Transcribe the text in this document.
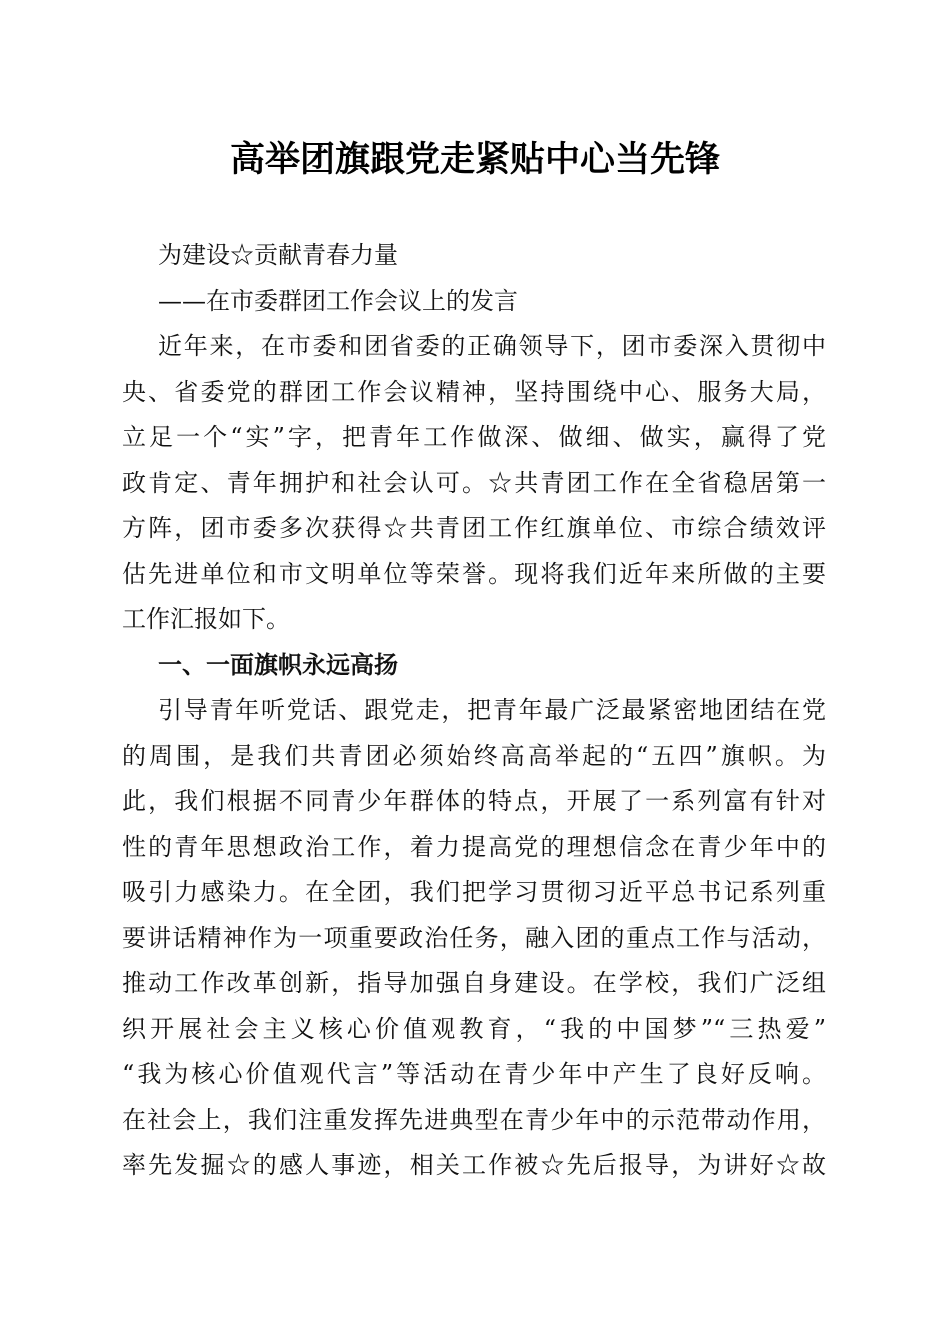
高举团旗跟党走紧贴中心当先锋
为建设☆贡献青春力量
——在市委群团工作会议上的发言
近年来，在市委和团省委的正确领导下，团市委深入贯彻中
央、省委党的群团工作会议精神，坚持围绕中心、服务大局，
立足一个“实”字，把青年工作做深、做细、做实，赢得了党
政肯定、青年拥护和社会认可。☆共青团工作在全省稳居第一
方阵，团市委多次获得☆共青团工作红旗单位、市综合绩效评
估先进单位和市文明单位等荣誉。现将我们近年来所做的主要
工作汇报如下。
一、一面旗帜永远高扬
引导青年听党话、跟党走，把青年最广泛最紧密地团结在党
的周围，是我们共青团必须始终高高举起的“五四”旗帜。为
此，我们根据不同青少年群体的特点，开展了一系列富有针对
性的青年思想政治工作，着力提高党的理想信念在青少年中的
吸引力感染力。在全团，我们把学习贯彻习近平总书记系列重
要讲话精神作为一项重要政治任务，融入团的重点工作与活动，
推动工作改革创新，指导加强自身建设。在学校，我们广泛组
织开展社会主义核心价值观教育，“我的中国梦”“三热爱”
“我为核心价值观代言”等活动在青少年中产生了良好反响。
在社会上，我们注重发挥先进典型在青少年中的示范带动作用，
率先发掘☆的感人事迹，相关工作被☆先后报导，为讲好☆故
